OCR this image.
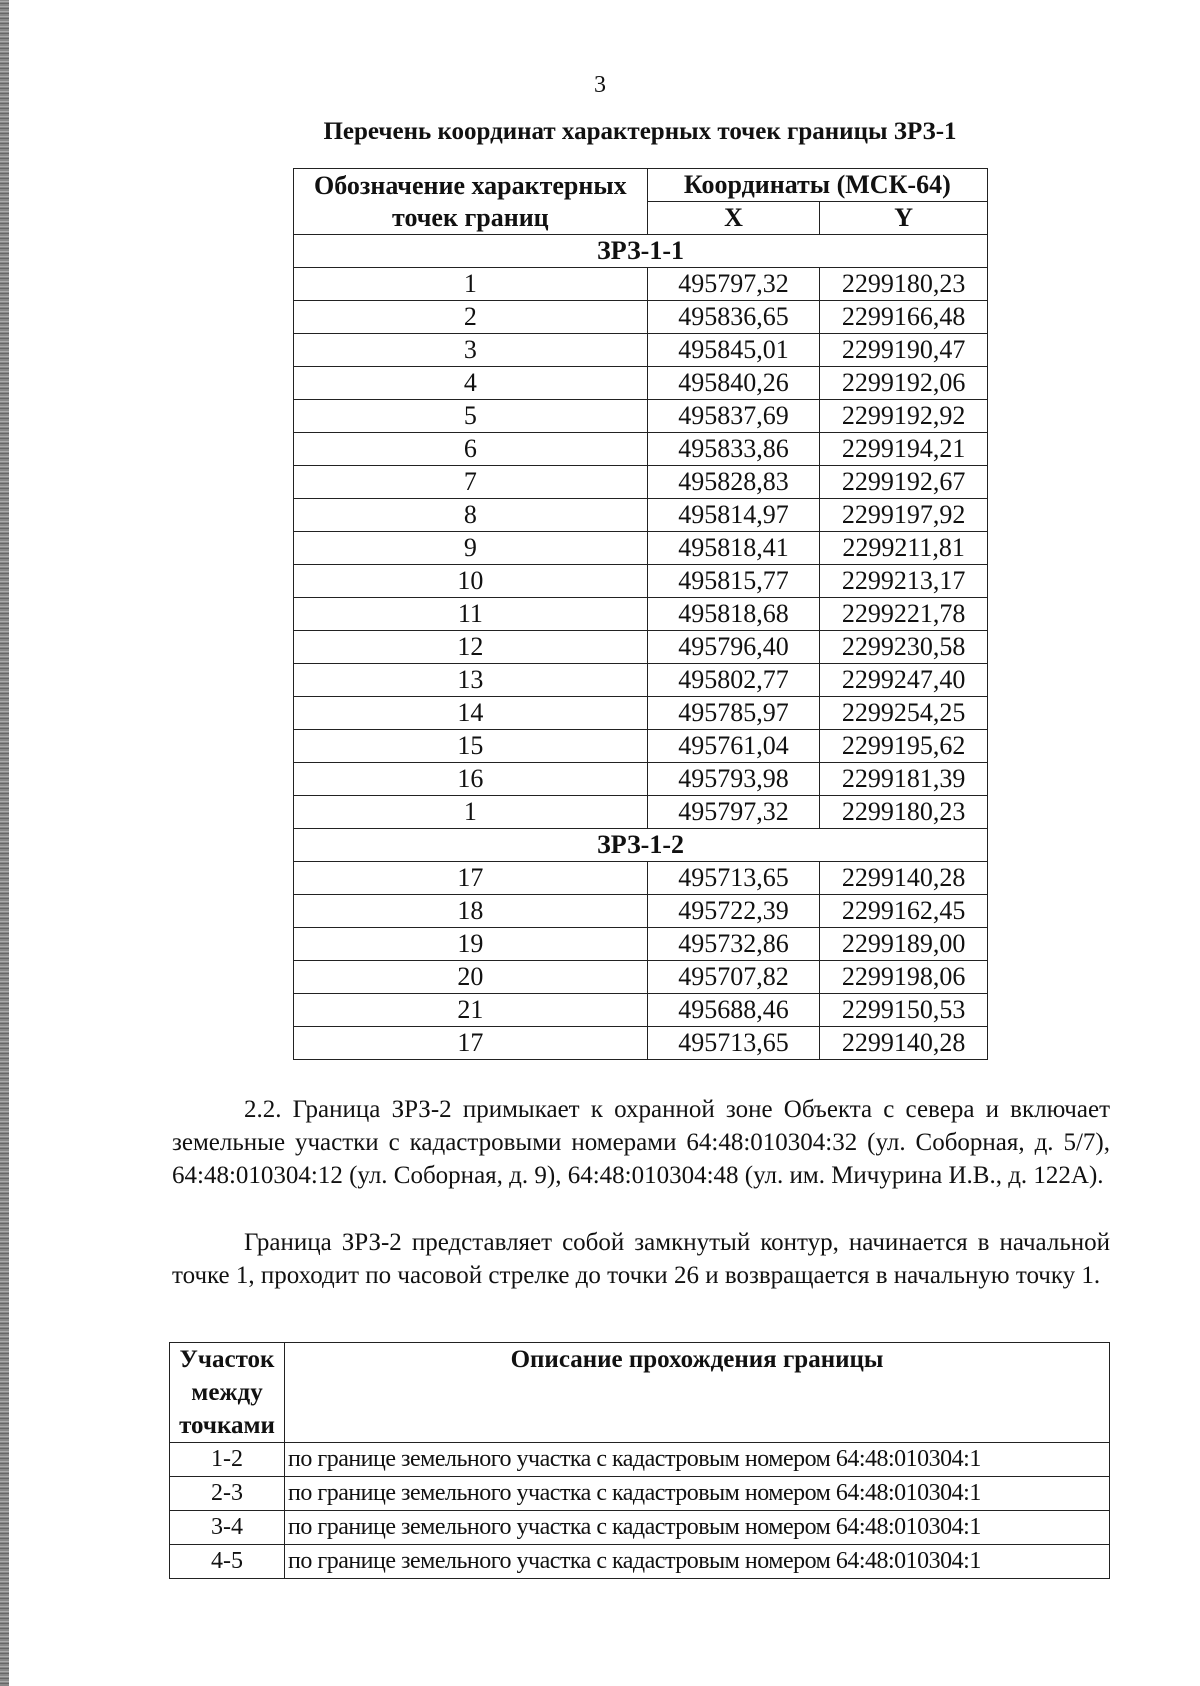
3
Перечень координат характерных точек границы ЗРЗ-1
Обозначение характерных точек границ	Координаты (МСК-64)	
	X	Y
ЗРЗ-1-1		
1	495797,32	2299180,23
2	495836,65	2299166,48
3	495845,01	2299190,47
4	495840,26	2299192,06
5	495837,69	2299192,92
6	495833,86	2299194,21
7	495828,83	2299192,67
8	495814,97	2299197,92
9	495818,41	2299211,81
10	495815,77	2299213,17
11	495818,68	2299221,78
12	495796,40	2299230,58
13	495802,77	2299247,40
14	495785,97	2299254,25
15	495761,04	2299195,62
16	495793,98	2299181,39
1	495797,32	2299180,23
ЗРЗ-1-2		
17	495713,65	2299140,28
18	495722,39	2299162,45
19	495732,86	2299189,00
20	495707,82	2299198,06
21	495688,46	2299150,53
17	495713,65	2299140,28

2.2. Граница ЗРЗ-2 примыкает к охранной зоне Объекта с севера и включает земельные участки с кадастровыми номерами 64:48:010304:32 (ул. Соборная, д. 5/7), 64:48:010304:12 (ул. Соборная, д. 9), 64:48:010304:48 (ул. им. Мичурина И.В., д. 122А).

Граница ЗРЗ-2 представляет собой замкнутый контур, начинается в начальной точке 1, проходит по часовой стрелке до точки 26 и возвращается в начальную точку 1.

Участок между точками	Описание прохождения границы
1-2	по границе земельного участка с кадастровым номером 64:48:010304:1
2-3	по границе земельного участка с кадастровым номером 64:48:010304:1
3-4	по границе земельного участка с кадастровым номером 64:48:010304:1
4-5	по границе земельного участка с кадастровым номером 64:48:010304:1
